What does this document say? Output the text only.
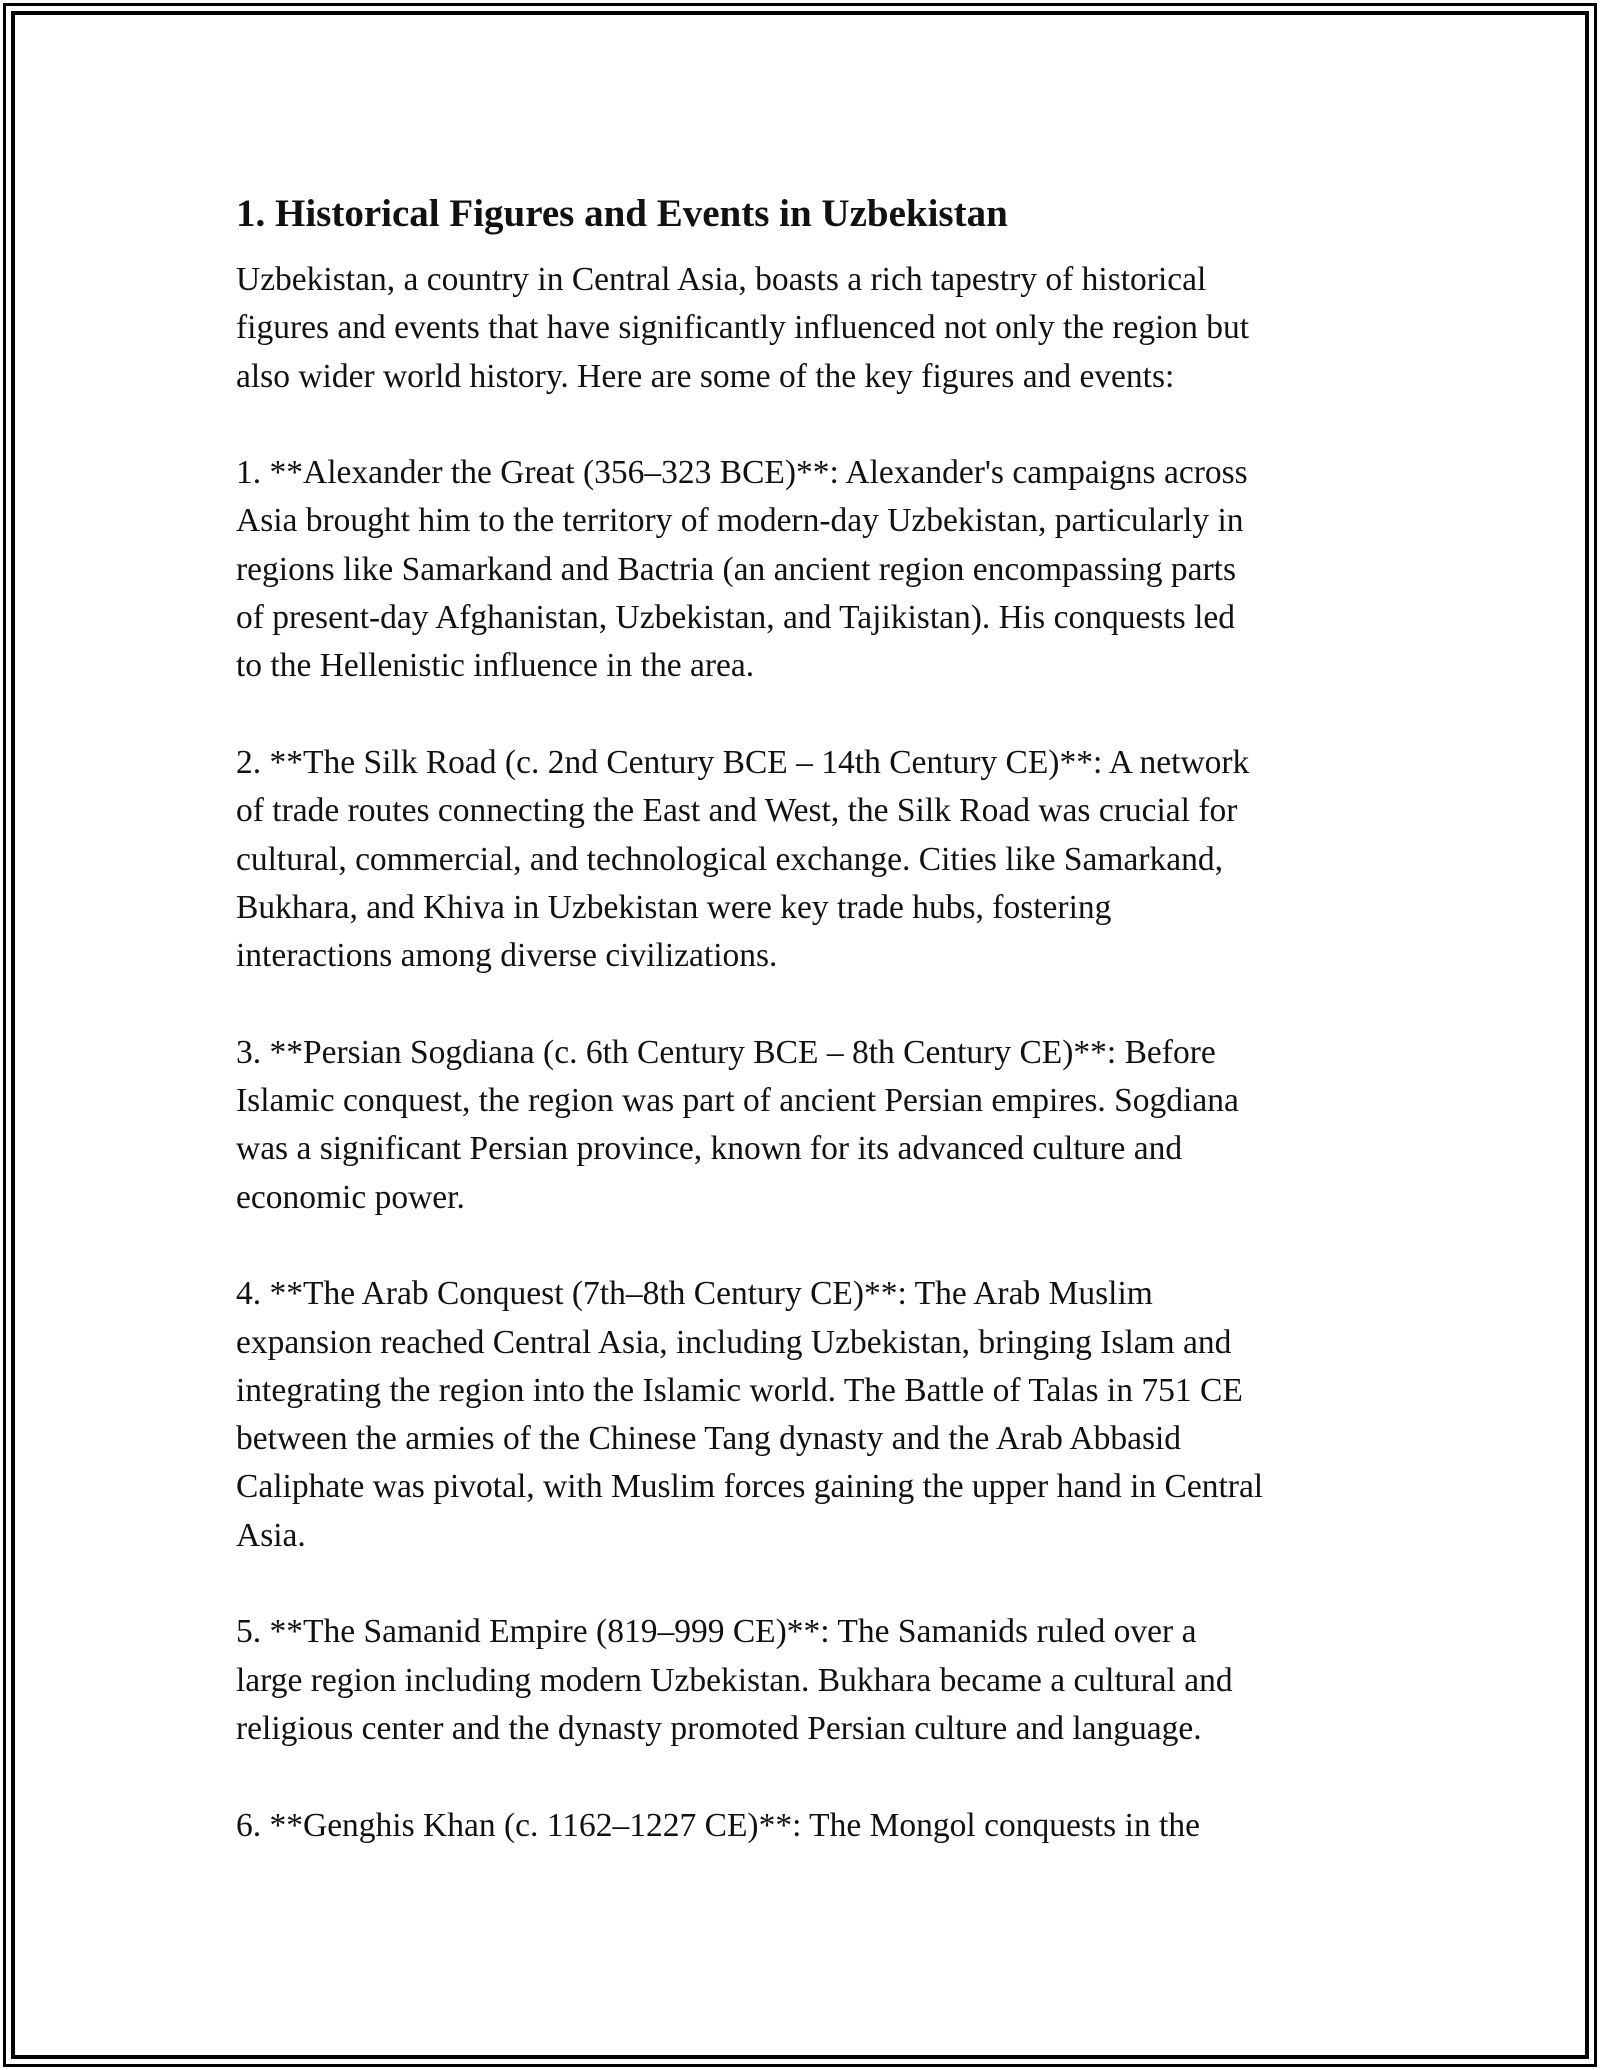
1. Historical Figures and Events in Uzbekistan

Uzbekistan, a country in Central Asia, boasts a rich tapestry of historical
figures and events that have significantly influenced not only the region but
also wider world history. Here are some of the key figures and events:

1. **Alexander the Great (356–323 BCE)**: Alexander's campaigns across
Asia brought him to the territory of modern-day Uzbekistan, particularly in
regions like Samarkand and Bactria (an ancient region encompassing parts
of present-day Afghanistan, Uzbekistan, and Tajikistan). His conquests led
to the Hellenistic influence in the area.

2. **The Silk Road (c. 2nd Century BCE – 14th Century CE)**: A network
of trade routes connecting the East and West, the Silk Road was crucial for
cultural, commercial, and technological exchange. Cities like Samarkand,
Bukhara, and Khiva in Uzbekistan were key trade hubs, fostering
interactions among diverse civilizations.

3. **Persian Sogdiana (c. 6th Century BCE – 8th Century CE)**: Before
Islamic conquest, the region was part of ancient Persian empires. Sogdiana
was a significant Persian province, known for its advanced culture and
economic power.

4. **The Arab Conquest (7th–8th Century CE)**: The Arab Muslim
expansion reached Central Asia, including Uzbekistan, bringing Islam and
integrating the region into the Islamic world. The Battle of Talas in 751 CE
between the armies of the Chinese Tang dynasty and the Arab Abbasid
Caliphate was pivotal, with Muslim forces gaining the upper hand in Central
Asia.

5. **The Samanid Empire (819–999 CE)**: The Samanids ruled over a
large region including modern Uzbekistan. Bukhara became a cultural and
religious center and the dynasty promoted Persian culture and language.

6. **Genghis Khan (c. 1162–1227 CE)**: The Mongol conquests in the
